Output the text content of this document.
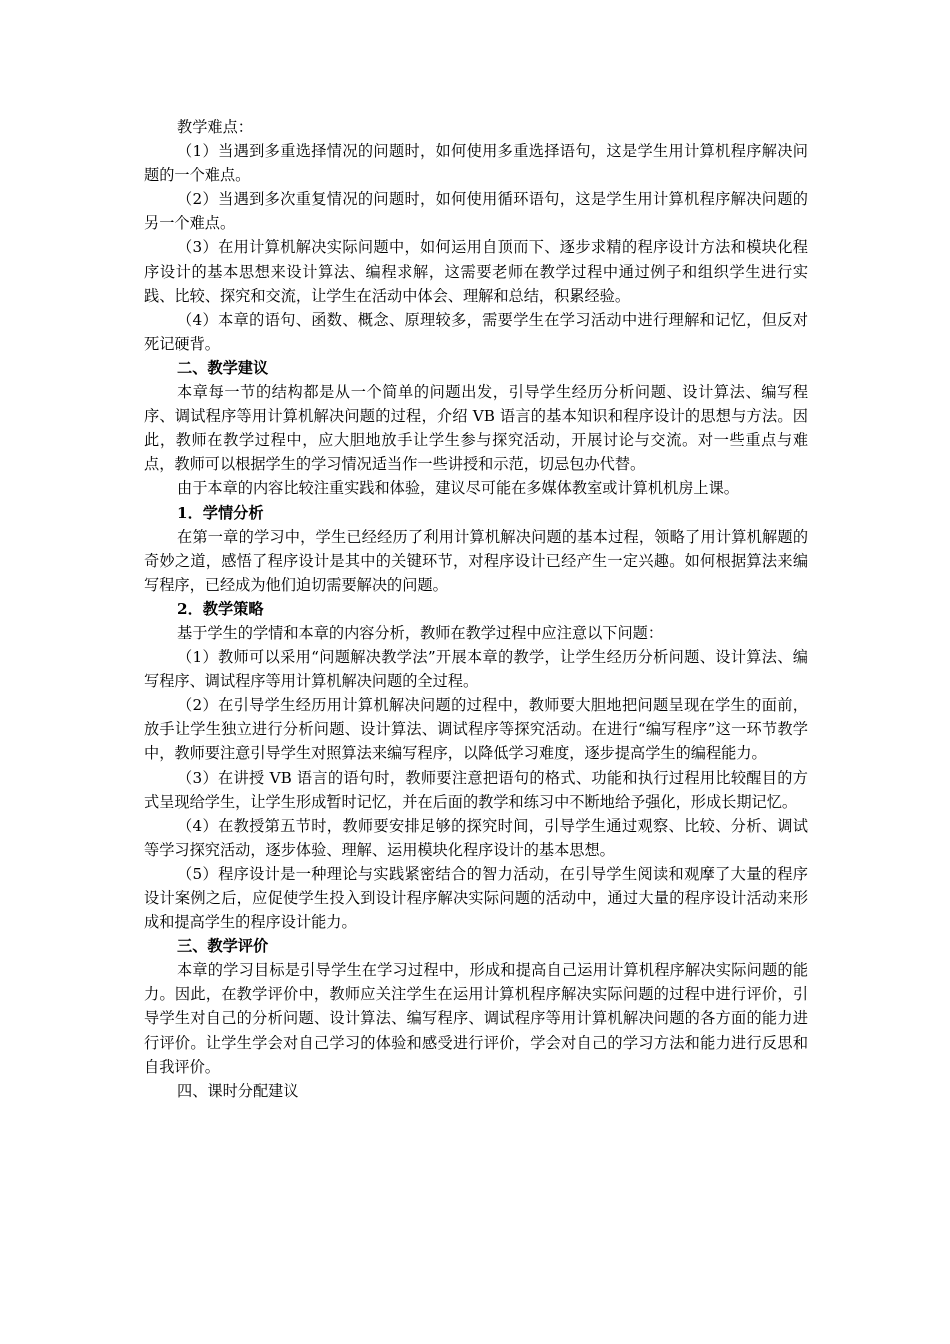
教学难点：

（1）当遇到多重选择情况的问题时，如何使用多重选择语句，这是学生用计算机程序解决问题的一个难点。

（2）当遇到多次重复情况的问题时，如何使用循环语句，这是学生用计算机程序解决问题的另一个难点。

（3）在用计算机解决实际问题中，如何运用自顶而下、逐步求精的程序设计方法和模块化程序设计的基本思想来设计算法、编程求解，这需要老师在教学过程中通过例子和组织学生进行实践、比较、探究和交流，让学生在活动中体会、理解和总结，积累经验。

（4）本章的语句、函数、概念、原理较多，需要学生在学习活动中进行理解和记忆，但反对死记硬背。

二、教学建议

本章每一节的结构都是从一个简单的问题出发，引导学生经历分析问题、设计算法、编写程序、调试程序等用计算机解决问题的过程，介绍 VB 语言的基本知识和程序设计的思想与方法。因此，教师在教学过程中，应大胆地放手让学生参与探究活动，开展讨论与交流。对一些重点与难点，教师可以根据学生的学习情况适当作一些讲授和示范，切忌包办代替。

由于本章的内容比较注重实践和体验，建议尽可能在多媒体教室或计算机机房上课。

1．学情分析

在第一章的学习中，学生已经经历了利用计算机解决问题的基本过程，领略了用计算机解题的奇妙之道，感悟了程序设计是其中的关键环节，对程序设计已经产生一定兴趣。如何根据算法来编写程序，已经成为他们迫切需要解决的问题。

2．教学策略

基于学生的学情和本章的内容分析，教师在教学过程中应注意以下问题：

（1）教师可以采用“问题解决教学法”开展本章的教学，让学生经历分析问题、设计算法、编写程序、调试程序等用计算机解决问题的全过程。

（2）在引导学生经历用计算机解决问题的过程中，教师要大胆地把问题呈现在学生的面前，放手让学生独立进行分析问题、设计算法、调试程序等探究活动。在进行“编写程序”这一环节教学中，教师要注意引导学生对照算法来编写程序，以降低学习难度，逐步提高学生的编程能力。

（3）在讲授 VB 语言的语句时，教师要注意把语句的格式、功能和执行过程用比较醒目的方式呈现给学生，让学生形成暂时记忆，并在后面的教学和练习中不断地给予强化，形成长期记忆。

（4）在教授第五节时，教师要安排足够的探究时间，引导学生通过观察、比较、分析、调试等学习探究活动，逐步体验、理解、运用模块化程序设计的基本思想。

（5）程序设计是一种理论与实践紧密结合的智力活动，在引导学生阅读和观摩了大量的程序设计案例之后，应促使学生投入到设计程序解决实际问题的活动中，通过大量的程序设计活动来形成和提高学生的程序设计能力。

三、教学评价

本章的学习目标是引导学生在学习过程中，形成和提高自己运用计算机程序解决实际问题的能力。因此，在教学评价中，教师应关注学生在运用计算机程序解决实际问题的过程中进行评价，引导学生对自己的分析问题、设计算法、编写程序、调试程序等用计算机解决问题的各方面的能力进行评价。让学生学会对自己学习的体验和感受进行评价，学会对自己的学习方法和能力进行反思和自我评价。

四、课时分配建议
